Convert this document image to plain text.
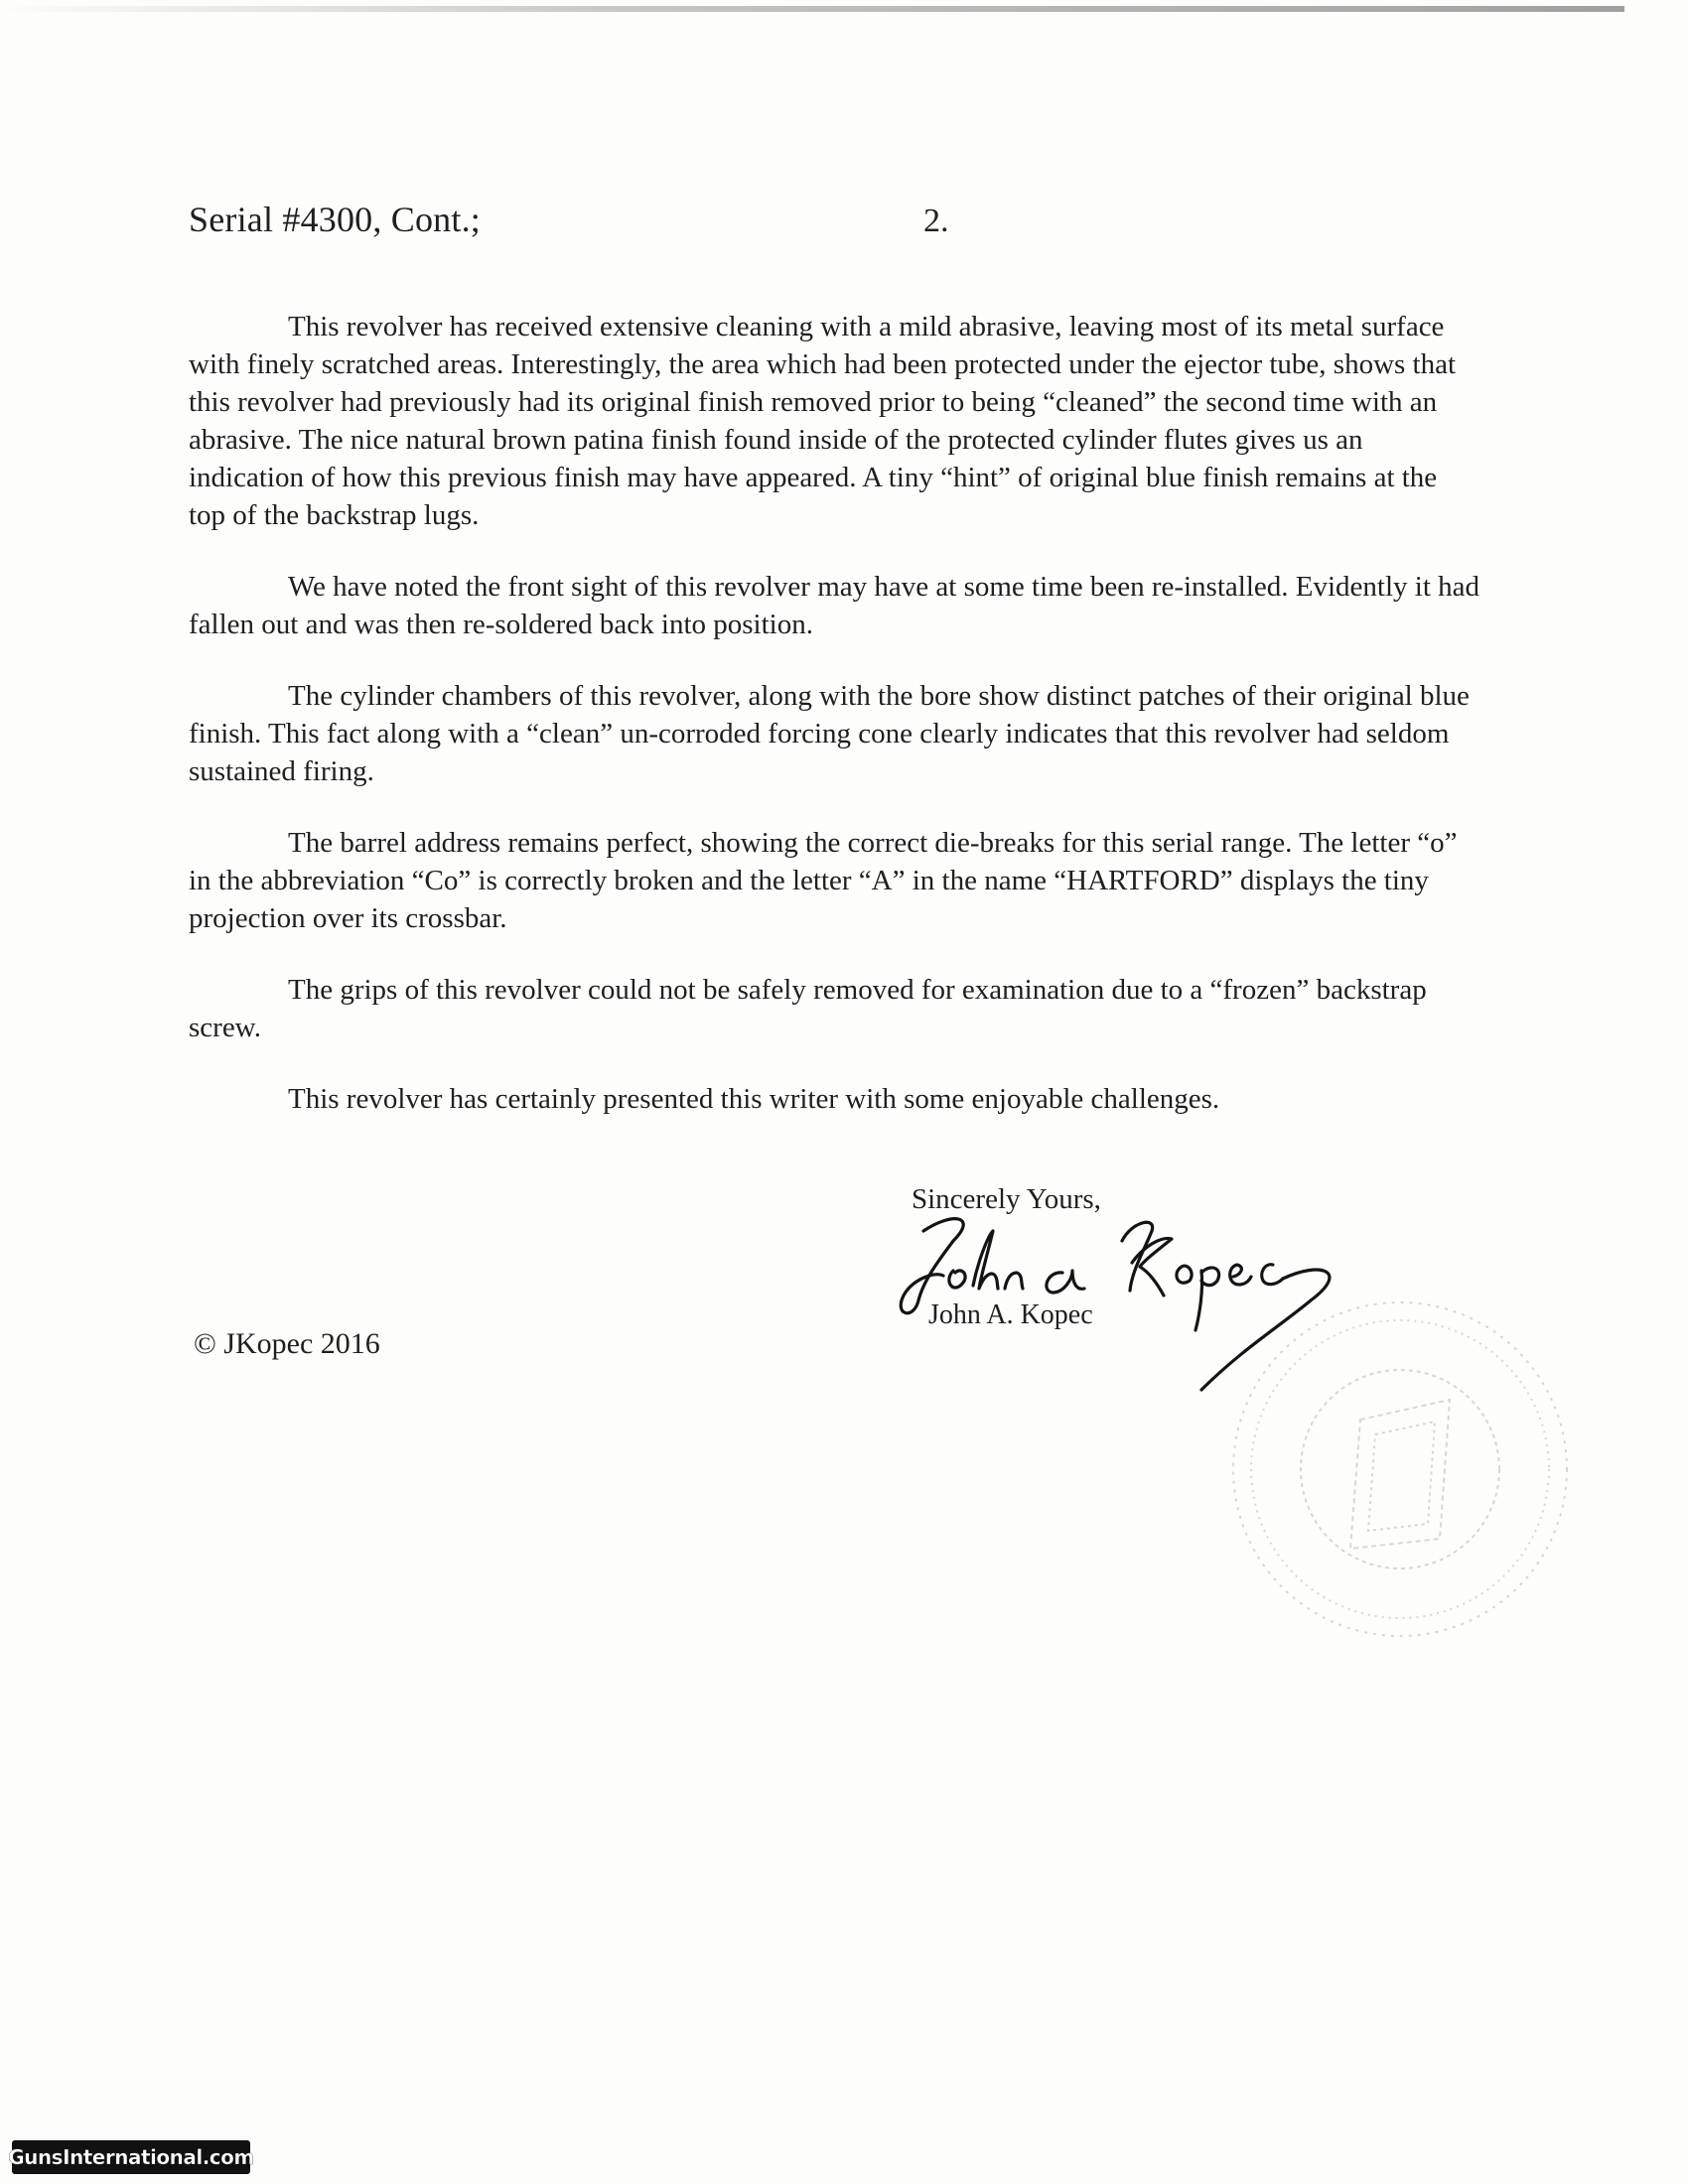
Serial #4300, Cont.;	2.

This revolver has received extensive cleaning with a mild abrasive, leaving most of its metal surface with finely scratched areas. Interestingly, the area which had been protected under the ejector tube, shows that this revolver had previously had its original finish removed prior to being “cleaned” the second time with an abrasive. The nice natural brown patina finish found inside of the protected cylinder flutes gives us an indication of how this previous finish may have appeared. A tiny “hint” of original blue finish remains at the top of the backstrap lugs.

We have noted the front sight of this revolver may have at some time been re-installed. Evidently it had fallen out and was then re-soldered back into position.

The cylinder chambers of this revolver, along with the bore show distinct patches of their original blue finish. This fact along with a “clean” un-corroded forcing cone clearly indicates that this revolver had seldom sustained firing.

The barrel address remains perfect, showing the correct die-breaks for this serial range. The letter “o” in the abbreviation “Co” is correctly broken and the letter “A” in the name “HARTFORD” displays the tiny projection over its crossbar.

The grips of this revolver could not be safely removed for examination due to a “frozen” backstrap screw.

This revolver has certainly presented this writer with some enjoyable challenges.

Sincerely Yours,
John A. Kopec
© JKopec 2016
GunsInternational.com
